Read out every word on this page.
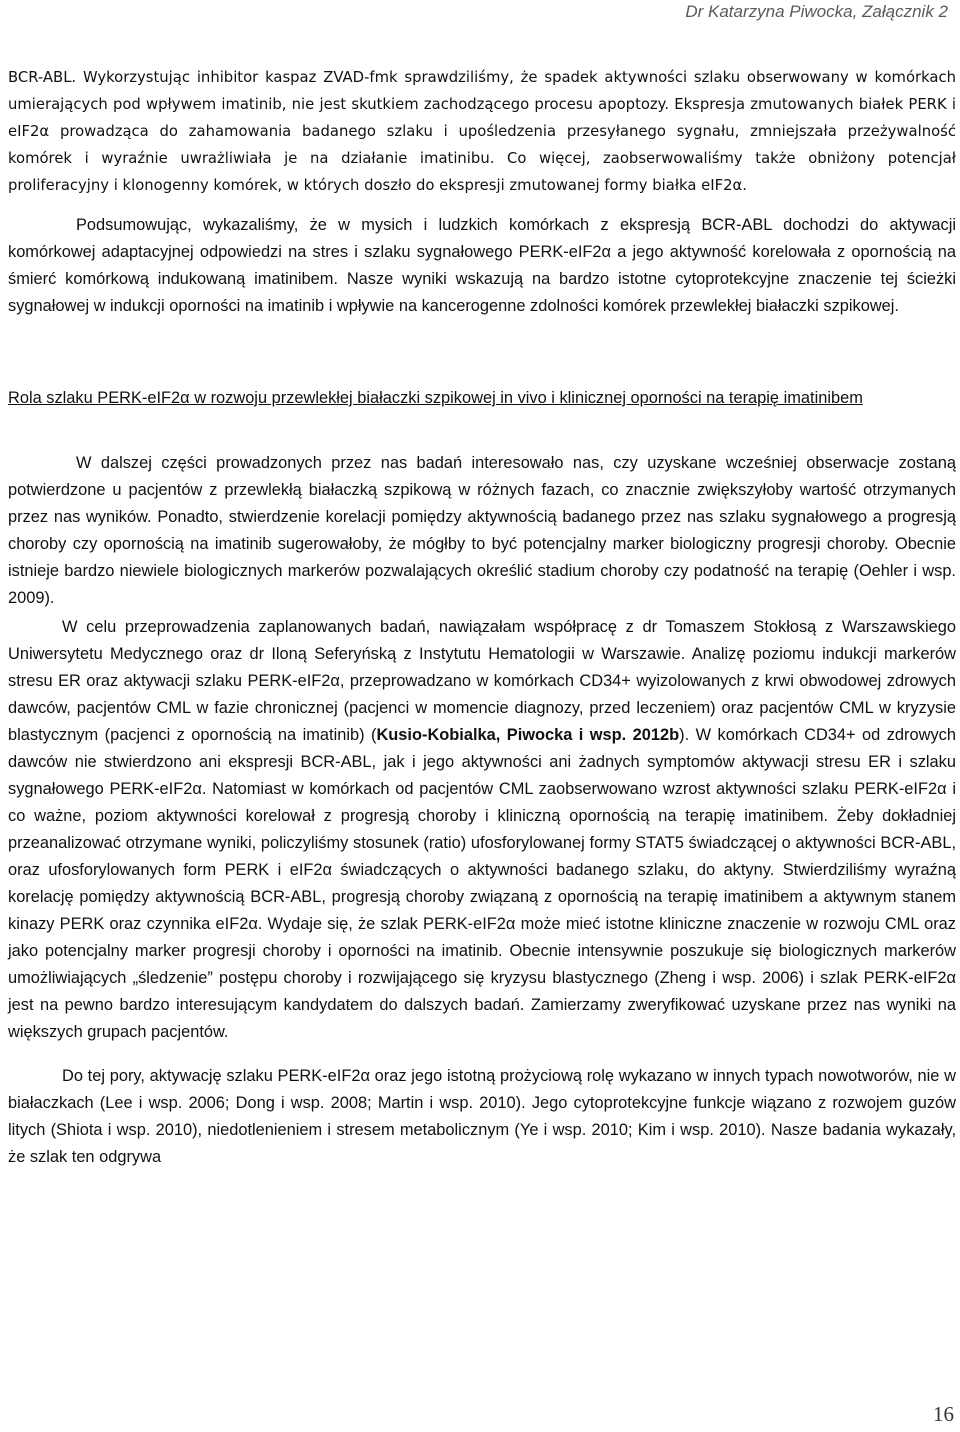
Dr Katarzyna Piwocka, Załącznik 2

BCR-ABL. Wykorzystując inhibitor kaspaz ZVAD-fmk sprawdziliśmy, że spadek aktywności szlaku obserwowany w komórkach umierających pod wpływem imatinib, nie jest skutkiem zachodzącego procesu apoptozy. Ekspresja zmutowanych białek PERK i eIF2α prowadząca do zahamowania badanego szlaku i upośledzenia przesyłanego sygnału, zmniejszała przeżywalność komórek i wyraźnie uwrażliwiała je na działanie imatinibu. Co więcej, zaobserwowaliśmy także obniżony potencjał proliferacyjny i klonogenny komórek, w których doszło do ekspresji zmutowanej formy białka eIF2α.

Podsumowując, wykazaliśmy, że w mysich i ludzkich komórkach z ekspresją BCR-ABL dochodzi do aktywacji komórkowej adaptacyjnej odpowiedzi na stres i szlaku sygnałowego PERK-eIF2α a jego aktywność korelowała z opornością na śmierć komórkową indukowaną imatinibem. Nasze wyniki wskazują na bardzo istotne cytoprotekcyjne znaczenie tej ścieżki sygnałowej w indukcji oporności na imatinib i wpływie na kancerogenne zdolności komórek przewlekłej białaczki szpikowej.

Rola szlaku PERK-eIF2α w rozwoju przewlekłej białaczki szpikowej in vivo i klinicznej oporności na terapię imatinibem

W dalszej części prowadzonych przez nas badań interesowało nas, czy uzyskane wcześniej obserwacje zostaną potwierdzone u pacjentów z przewlekłą białaczką szpikową w różnych fazach, co znacznie zwiększyłoby wartość otrzymanych przez nas wyników. Ponadto, stwierdzenie korelacji pomiędzy aktywnością badanego przez nas szlaku sygnałowego a progresją choroby czy opornością na imatinib sugerowałoby, że mógłby to być potencjalny marker biologiczny progresji choroby. Obecnie istnieje bardzo niewiele biologicznych markerów pozwalających określić stadium choroby czy podatność na terapię (Oehler i wsp. 2009).

W celu przeprowadzenia zaplanowanych badań, nawiązałam współpracę z dr Tomaszem Stokłosą z Warszawskiego Uniwersytetu Medycznego oraz dr Iloną Seferyńską z Instytutu Hematologii w Warszawie. Analizę poziomu indukcji markerów stresu ER oraz aktywacji szlaku PERK-eIF2α, przeprowadzano w komórkach CD34+ wyizolowanych z krwi obwodowej zdrowych dawców, pacjentów CML w fazie chronicznej (pacjenci w momencie diagnozy, przed leczeniem) oraz pacjentów CML w kryzysie blastycznym (pacjenci z opornością na imatinib) (Kusio-Kobialka, Piwocka i wsp. 2012b). W komórkach CD34+ od zdrowych dawców nie stwierdzono ani ekspresji BCR-ABL, jak i jego aktywności ani żadnych symptomów aktywacji stresu ER i szlaku sygnałowego PERK-eIF2α. Natomiast w komórkach od pacjentów CML zaobserwowano wzrost aktywności szlaku PERK-eIF2α i co ważne, poziom aktywności korelował z progresją choroby i kliniczną opornością na terapię imatinibem. Żeby dokładniej przeanalizować otrzymane wyniki, policzyliśmy stosunek (ratio) ufosforylowanej formy STAT5 świadczącej o aktywności BCR-ABL, oraz ufosforylowanych form PERK i eIF2α świadczących o aktywności badanego szlaku, do aktyny. Stwierdziliśmy wyraźną korelację pomiędzy aktywnością BCR-ABL, progresją choroby związaną z opornością na terapię imatinibem a aktywnym stanem kinazy PERK oraz czynnika eIF2α. Wydaje się, że szlak PERK-eIF2α może mieć istotne kliniczne znaczenie w rozwoju CML oraz jako potencjalny marker progresji choroby i oporności na imatinib. Obecnie intensywnie poszukuje się biologicznych markerów umożliwiających „śledzenie” postępu choroby i rozwijającego się kryzysu blastycznego (Zheng i wsp. 2006) i szlak PERK-eIF2α jest na pewno bardzo interesującym kandydatem do dalszych badań. Zamierzamy zweryfikować uzyskane przez nas wyniki na większych grupach pacjentów.

Do tej pory, aktywację szlaku PERK-eIF2α oraz jego istotną prożyciową rolę wykazano w innych typach nowotworów, nie w białaczkach (Lee i wsp. 2006; Dong i wsp. 2008; Martin i wsp. 2010). Jego cytoprotekcyjne funkcje wiązano z rozwojem guzów litych (Shiota i wsp. 2010), niedotlenieniem i stresem metabolicznym (Ye i wsp. 2010; Kim i wsp. 2010). Nasze badania wykazały, że szlak ten odgrywa

16
